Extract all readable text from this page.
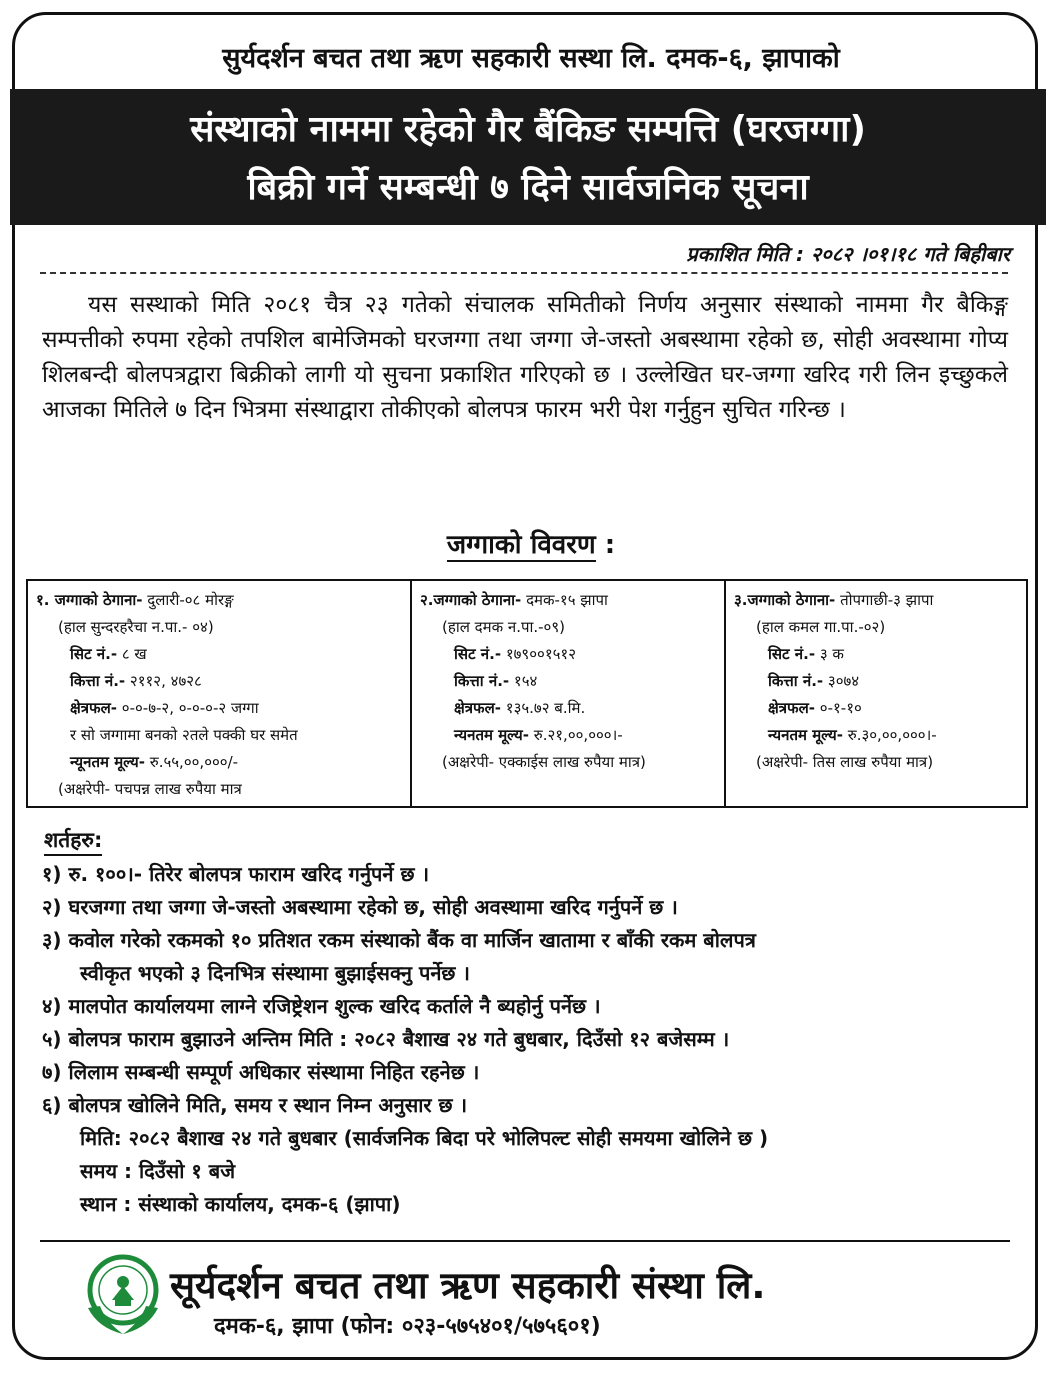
सुर्यदर्शन बचत तथा ऋण सहकारी सस्था लि. दमक-६, झापाको
संस्थाको नाममा रहेको गैर बैंकिङ सम्पत्ति (घरजग्गा)
बिक्री गर्ने सम्बन्धी ७ दिने सार्वजनिक सूचना
प्रकाशित मिति : २०८२ ।०१।१८ गते बिहीबार
यस सस्थाको मिति २०८१ चैत्र २३ गतेको संचालक समितीको निर्णय अनुसार संस्थाको नाममा गैर बैकिङ्ग सम्पत्तीको रुपमा रहेको तपशिल बामेजिमको घरजग्गा तथा जग्गा जे-जस्तो अबस्थामा रहेको छ, सोही अवस्थामा गोप्य शिलबन्दी बोलपत्रद्वारा बिक्रीको लागी यो सुचना प्रकाशित गरिएको छ । उल्लेखित घर-जग्गा खरिद गरी लिन इच्छुकले आजका मितिले ७ दिन भित्रमा संस्थाद्वारा तोकीएको बोलपत्र फारम भरी पेश गर्नुहुन सुचित गरिन्छ ।
जग्गाको विवरण :
१. जग्गाको ठेगाना- दुलारी-०८ मोरङ्ग
(हाल सुन्दरहरैचा न.पा.- ०४)
सिट नं.- ८ ख
कित्ता नं.- २११२, ४७२८
क्षेत्रफल- ०-०-७-२, ०-०-०-२ जग्गा
र सो जग्गामा बनको २तले पक्की घर समेत
न्यूनतम मूल्य- रु.५५,००,०००/-
(अक्षरेपी- पचपन्न लाख रुपैया मात्र
२.जग्गाको ठेगाना- दमक-१५ झापा
(हाल दमक न.पा.-०९)
सिट नं.- १७९००१५१२
कित्ता नं.- १५४
क्षेत्रफल- १३५.७२ ब.मि.
न्यनतम मूल्य- रु.२१,००,०००।-
(अक्षरेपी- एक्काईस लाख रुपैया मात्र)
३.जग्गाको ठेगाना- तोपगाछी-३ झापा
(हाल कमल गा.पा.-०२)
सिट नं.- ३ क
कित्ता नं.- ३०७४
क्षेत्रफल- ०-१-१०
न्यनतम मूल्य- रु.३०,००,०००।-
(अक्षरेपी- तिस लाख रुपैया मात्र)
शर्तहरु:
१) रु. १००।- तिरेर बोलपत्र फाराम खरिद गर्नुपर्ने छ ।
२) घरजग्गा तथा जग्गा जे-जस्तो अबस्थामा रहेको छ, सोही अवस्थामा खरिद गर्नुपर्ने छ ।
३) कवोल गरेको रकमको १० प्रतिशत रकम संस्थाको बैंक वा मार्जिन खातामा र बाँकी रकम बोलपत्र
स्वीकृत भएको ३ दिनभित्र संस्थामा बुझाईसक्नु पर्नेछ ।
४) मालपोत कार्यालयमा लाग्ने रजिष्ट्रेशन शुल्क खरिद कर्ताले नै ब्यहोर्नु पर्नेछ ।
५) बोलपत्र फाराम बुझाउने अन्तिम मिति : २०८२ बैशाख २४ गते बुधबार, दिउँसो १२ बजेसम्म ।
७) लिलाम सम्बन्धी सम्पूर्ण अधिकार संस्थामा निहित रहनेछ ।
६) बोलपत्र खोलिने मिति, समय र स्थान निम्न अनुसार छ ।
मिति: २०८२ बैशाख २४ गते बुधबार (सार्वजनिक बिदा परे भोलिपल्ट सोही समयमा खोलिने छ )
समय : दिउँसो १ बजे
स्थान : संस्थाको कार्यालय, दमक-६ (झापा)
सूर्यदर्शन बचत तथा ऋण सहकारी संस्था लि.
दमक-६, झापा (फोन: ०२३-५७५४०१/५७५६०१)
